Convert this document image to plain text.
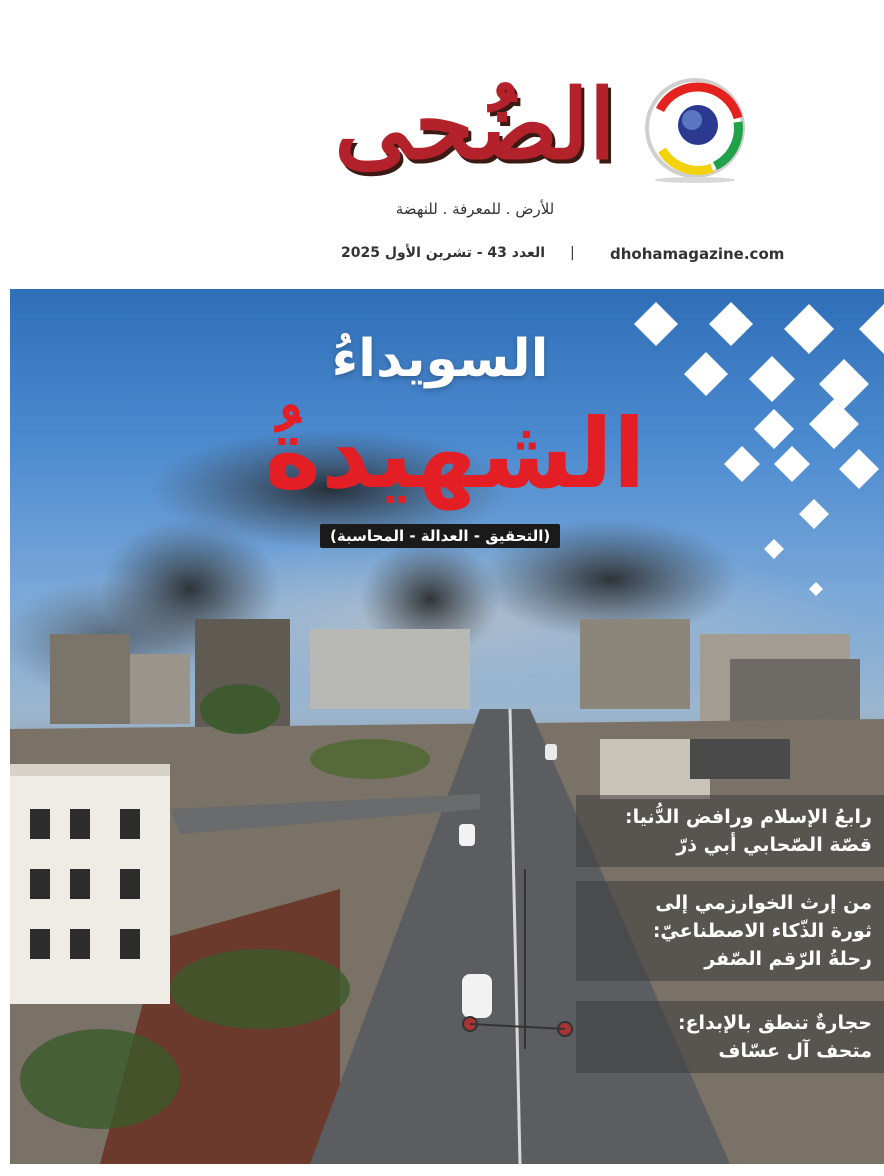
الضُحى
للأرض . للمعرفة . للنهضة
dhohamagazine.com
|
العدد 43 - تشرين الأول 2025
السويداءُ
الشهيدةُ
(التحقيق - العدالة - المحاسبة)
رابعُ الإسلام ورافض الدُّنيا:
قصّة الصّحابي أبي ذرّ
من إرث الخوارزمي إلى
ثورة الذّكاء الاصطناعيّ:
رحلةُ الرّقم الصّفر
حجارةٌ تنطق بالإبداع:
متحف آل عسّاف
